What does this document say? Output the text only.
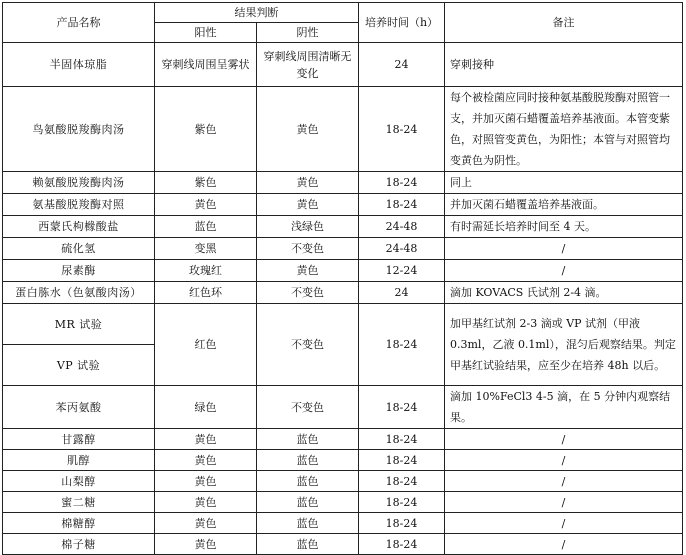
产品名称	结果判断		培养时间（h）	备注
	阳性	阴性		
半固体琼脂	穿刺线周围呈雾状	穿刺线周围清晰无变化	24	穿刺接种
鸟氨酸脱羧酶肉汤	紫色	黄色	18-24	每个被检菌应同时接种氨基酸脱羧酶对照管一支，并加灭菌石蜡覆盖培养基液面。本管变紫色，对照管变黄色，为阳性；本管与对照管均变黄色为阴性。
赖氨酸脱羧酶肉汤	紫色	黄色	18-24	同上
氨基酸脱羧酶对照	黄色	黄色	18-24	并加灭菌石蜡覆盖培养基液面。
西蒙氏枸橼酸盐	蓝色	浅绿色	24-48	有时需延长培养时间至 4 天。
硫化氢	变黑	不变色	24-48	/
尿素酶	玫瑰红	黄色	12-24	/
蛋白胨水（色氨酸肉汤）	红色环	不变色	24	滴加 KOVACS 氏试剂 2-4 滴。
MR 试验	红色	不变色	18-24	加甲基红试剂 2-3 滴或 VP 试剂（甲液 0.3ml，乙液 0.1ml），混匀后观察结果。判定甲基红试验结果，应至少在培养 48h 以后。
VP 试验				
苯丙氨酸	绿色	不变色	18-24	滴加 10%FeCl3 4-5 滴，在 5 分钟内观察结果。
甘露醇	黄色	蓝色	18-24	/
肌醇	黄色	蓝色	18-24	/
山梨醇	黄色	蓝色	18-24	/
蜜二糖	黄色	蓝色	18-24	/
棉糖醇	黄色	蓝色	18-24	/
棉子糖	黄色	蓝色	18-24	/
